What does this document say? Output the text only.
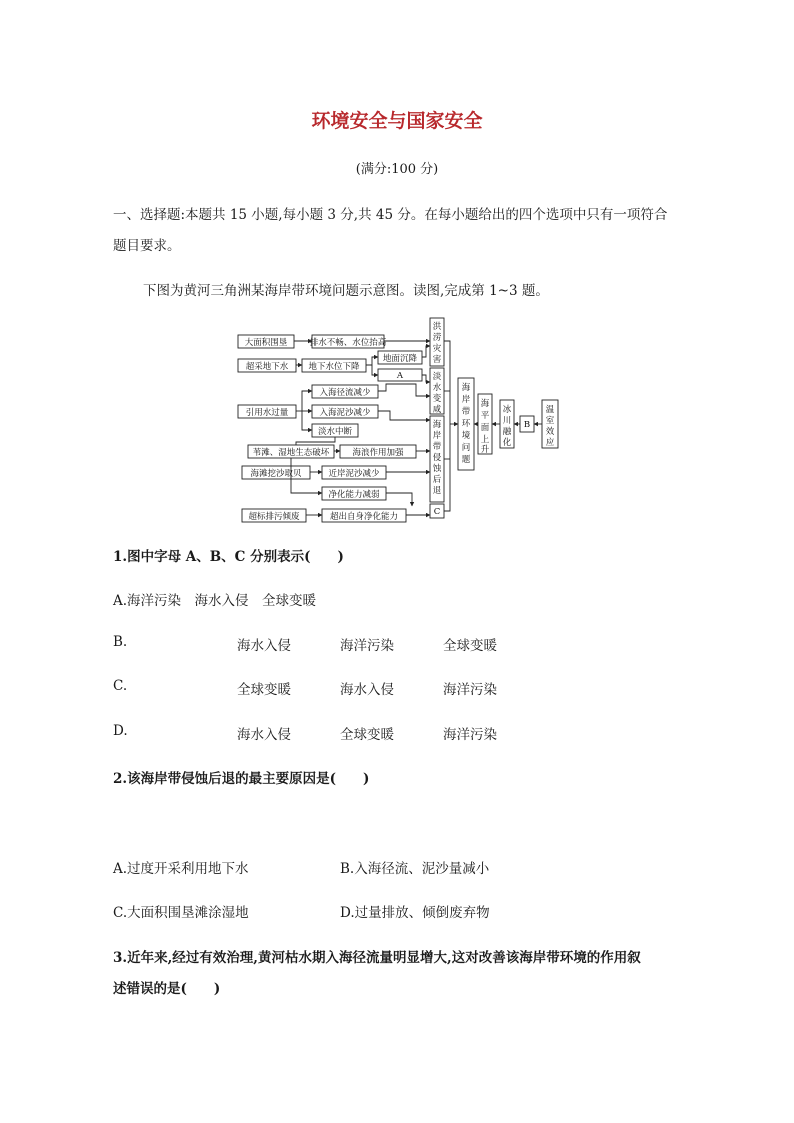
环境安全与国家安全
(满分:100 分)
一、选择题:本题共 15 小题,每小题 3 分,共 45 分。在每小题给出的四个选项中只有一项符合
题目要求。
下图为黄河三角洲某海岸带环境问题示意图。读图,完成第 1~3 题。
大面积围垦
超采地下水
引用水过量
苇滩、湿地生态破坏
海滩挖沙取贝
超标排污倾废
排水不畅、水位抬高
地下水位下降
地面沉降
A
入海径流减少
入海泥沙减少
淡水中断
海浪作用加强
近岸泥沙减少
净化能力减弱
超出自身净化能力
洪
涝
灾
害
淡
水
变
咸
海
岸
带
侵
蚀
后
退
C
海
岸
带
环
境
问
题
海
平
面
上
升
冰
川
融
化
B
温
室
效
应
1.图中字母 A、B、C 分别表示(　　)
A.海洋污染　海水入侵　全球变暖
B.	海水入侵	海洋污染	全球变暖
C.	全球变暖	海水入侵	海洋污染
D.	海水入侵	全球变暖	海洋污染
2.该海岸带侵蚀后退的最主要原因是(　　)
A.过度开采利用地下水	B.入海径流、泥沙量减小
C.大面积围垦滩涂湿地	D.过量排放、倾倒废弃物
3.近年来,经过有效治理,黄河枯水期入海径流量明显增大,这对改善该海岸带环境的作用叙
述错误的是(　　)
